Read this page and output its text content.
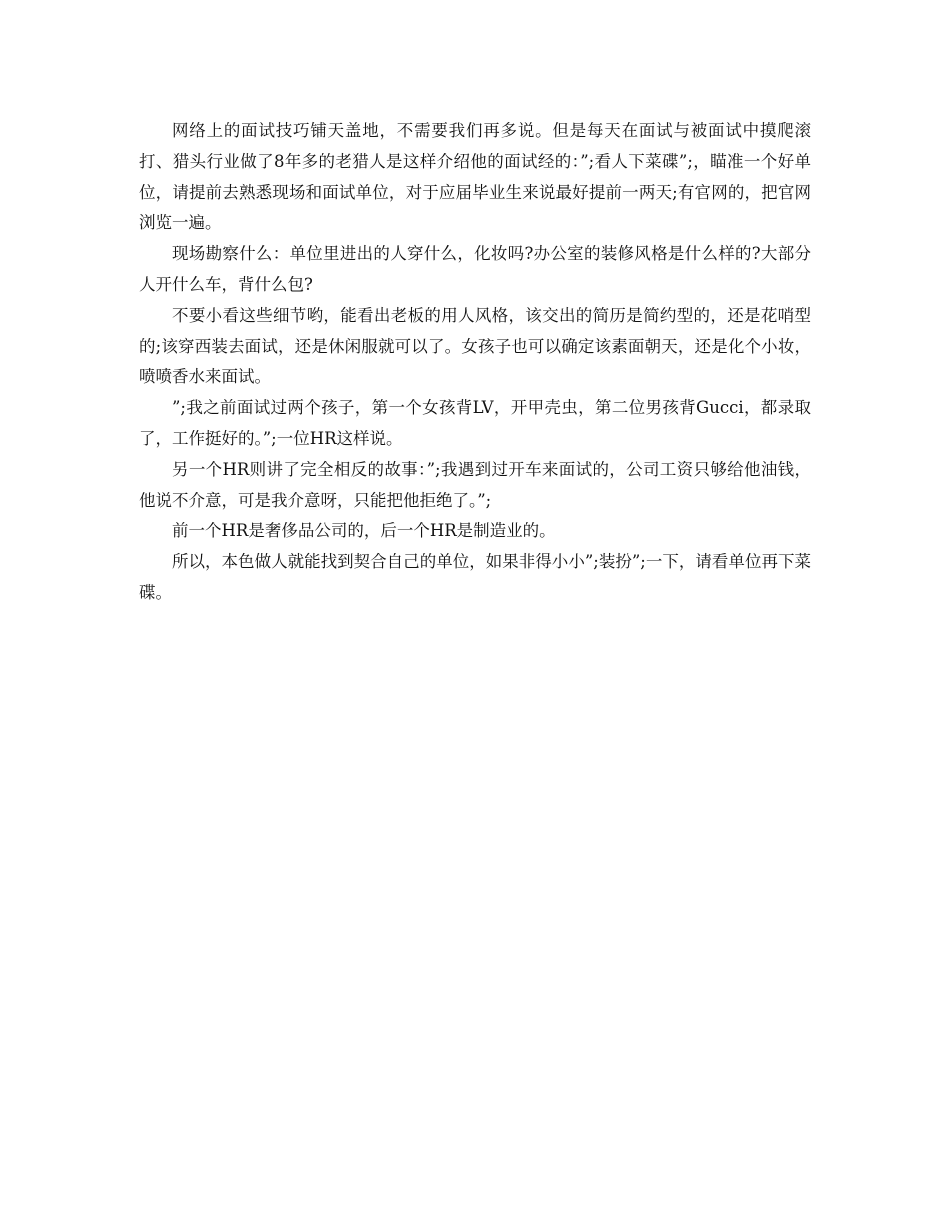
网络上的面试技巧铺天盖地，不需要我们再多说。但是每天在面试与被面试中摸爬滚打、猎头行业做了8年多的老猎人是这样介绍他的面试经的：”;看人下菜碟”;，瞄准一个好单位，请提前去熟悉现场和面试单位，对于应届毕业生来说最好提前一两天;有官网的，把官网浏览一遍。

现场勘察什么：单位里进出的人穿什么，化妆吗?办公室的装修风格是什么样的?大部分人开什么车，背什么包?

不要小看这些细节哟，能看出老板的用人风格，该交出的简历是简约型的，还是花哨型的;该穿西装去面试，还是休闲服就可以了。女孩子也可以确定该素面朝天，还是化个小妆，喷喷香水来面试。

”;我之前面试过两个孩子，第一个女孩背LV，开甲壳虫，第二位男孩背Gucci，都录取了，工作挺好的。”;一位HR这样说。

另一个HR则讲了完全相反的故事：”;我遇到过开车来面试的，公司工资只够给他油钱，他说不介意，可是我介意呀，只能把他拒绝了。”;

前一个HR是奢侈品公司的，后一个HR是制造业的。

所以，本色做人就能找到契合自己的单位，如果非得小小”;装扮”;一下，请看单位再下菜碟。
